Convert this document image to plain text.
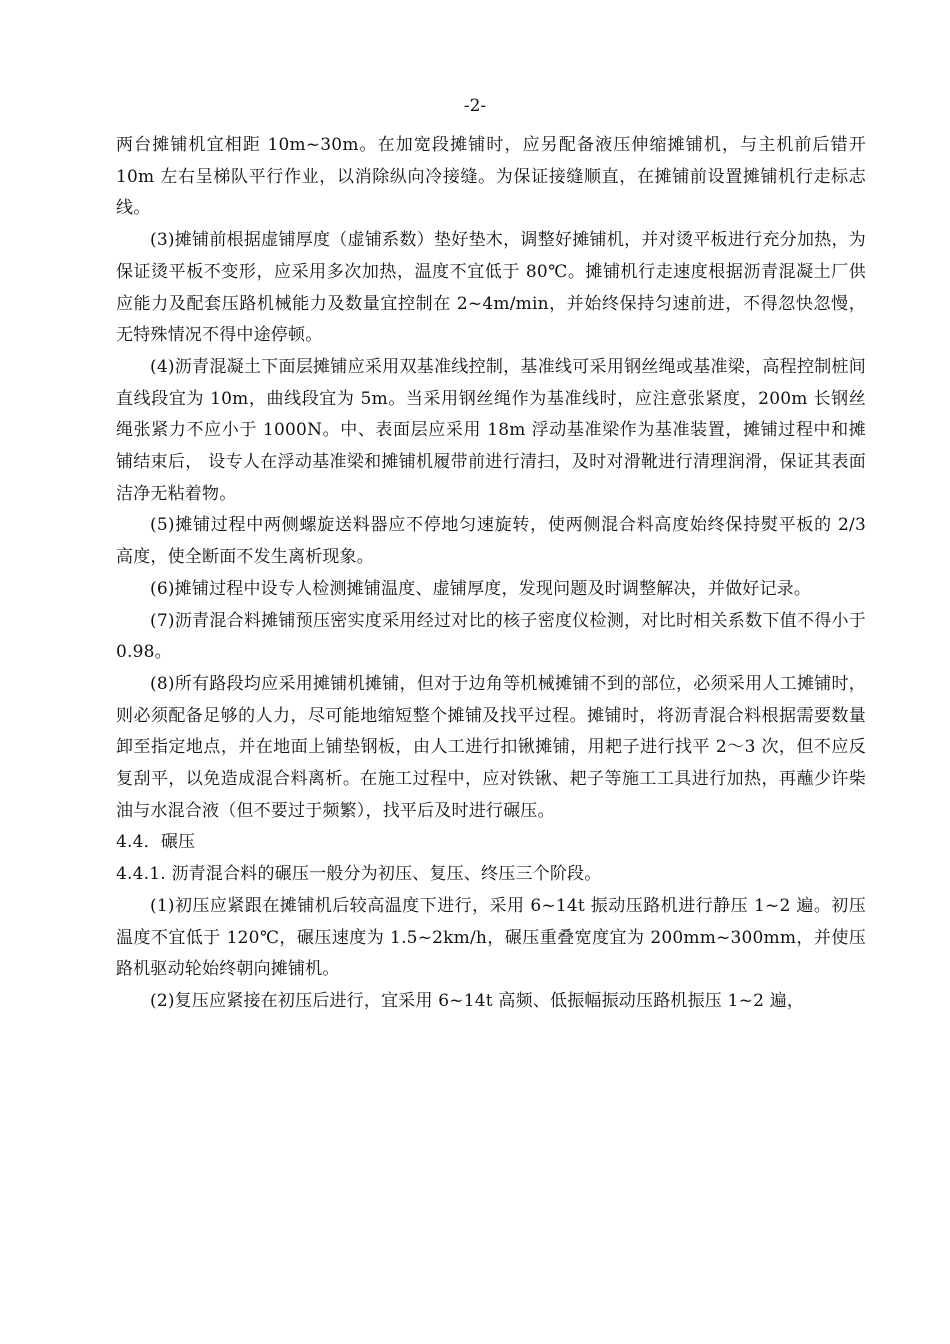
-2-

两台摊铺机宜相距 10m~30m。在加宽段摊铺时，应另配备液压伸缩摊铺机，与主机前后错开 10m 左右呈梯队平行作业，以消除纵向冷接缝。为保证接缝顺直，在摊铺前设置摊铺机行走标志线。

(3)摊铺前根据虚铺厚度（虚铺系数）垫好垫木，调整好摊铺机，并对烫平板进行充分加热，为保证烫平板不变形，应采用多次加热，温度不宜低于 80℃。摊铺机行走速度根据沥青混凝土厂供应能力及配套压路机械能力及数量宜控制在 2~4m/min，并始终保持匀速前进，不得忽快忽慢，无特殊情况不得中途停顿。

(4)沥青混凝土下面层摊铺应采用双基准线控制，基准线可采用钢丝绳或基准梁，高程控制桩间直线段宜为 10m，曲线段宜为 5m。当采用钢丝绳作为基准线时，应注意张紧度，200m 长钢丝绳张紧力不应小于 1000N。中、表面层应采用 18m 浮动基准梁作为基准装置，摊铺过程中和摊铺结束后， 设专人在浮动基准梁和摊铺机履带前进行清扫，及时对滑靴进行清理润滑，保证其表面洁净无粘着物。

(5)摊铺过程中两侧螺旋送料器应不停地匀速旋转，使两侧混合料高度始终保持熨平板的 2/3 高度，使全断面不发生离析现象。

(6)摊铺过程中设专人检测摊铺温度、虚铺厚度，发现问题及时调整解决，并做好记录。

(7)沥青混合料摊铺预压密实度采用经过对比的核子密度仪检测，对比时相关系数下值不得小于 0.98。

(8)所有路段均应采用摊铺机摊铺，但对于边角等机械摊铺不到的部位，必须采用人工摊铺时，则必须配备足够的人力，尽可能地缩短整个摊铺及找平过程。摊铺时，将沥青混合料根据需要数量卸至指定地点，并在地面上铺垫钢板，由人工进行扣锹摊铺，用耙子进行找平 2～3 次，但不应反复刮平，以免造成混合料离析。在施工过程中，应对铁锹、耙子等施工工具进行加热，再蘸少许柴油与水混合液（但不要过于频繁），找平后及时进行碾压。

4.4．碾压

4.4.1. 沥青混合料的碾压一般分为初压、复压、终压三个阶段。

(1)初压应紧跟在摊铺机后较高温度下进行，采用 6~14t 振动压路机进行静压 1~2 遍。初压温度不宜低于 120℃，碾压速度为 1.5~2km/h，碾压重叠宽度宜为 200mm~300mm，并使压路机驱动轮始终朝向摊铺机。

(2)复压应紧接在初压后进行，宜采用 6~14t 高频、低振幅振动压路机振压 1~2 遍，
